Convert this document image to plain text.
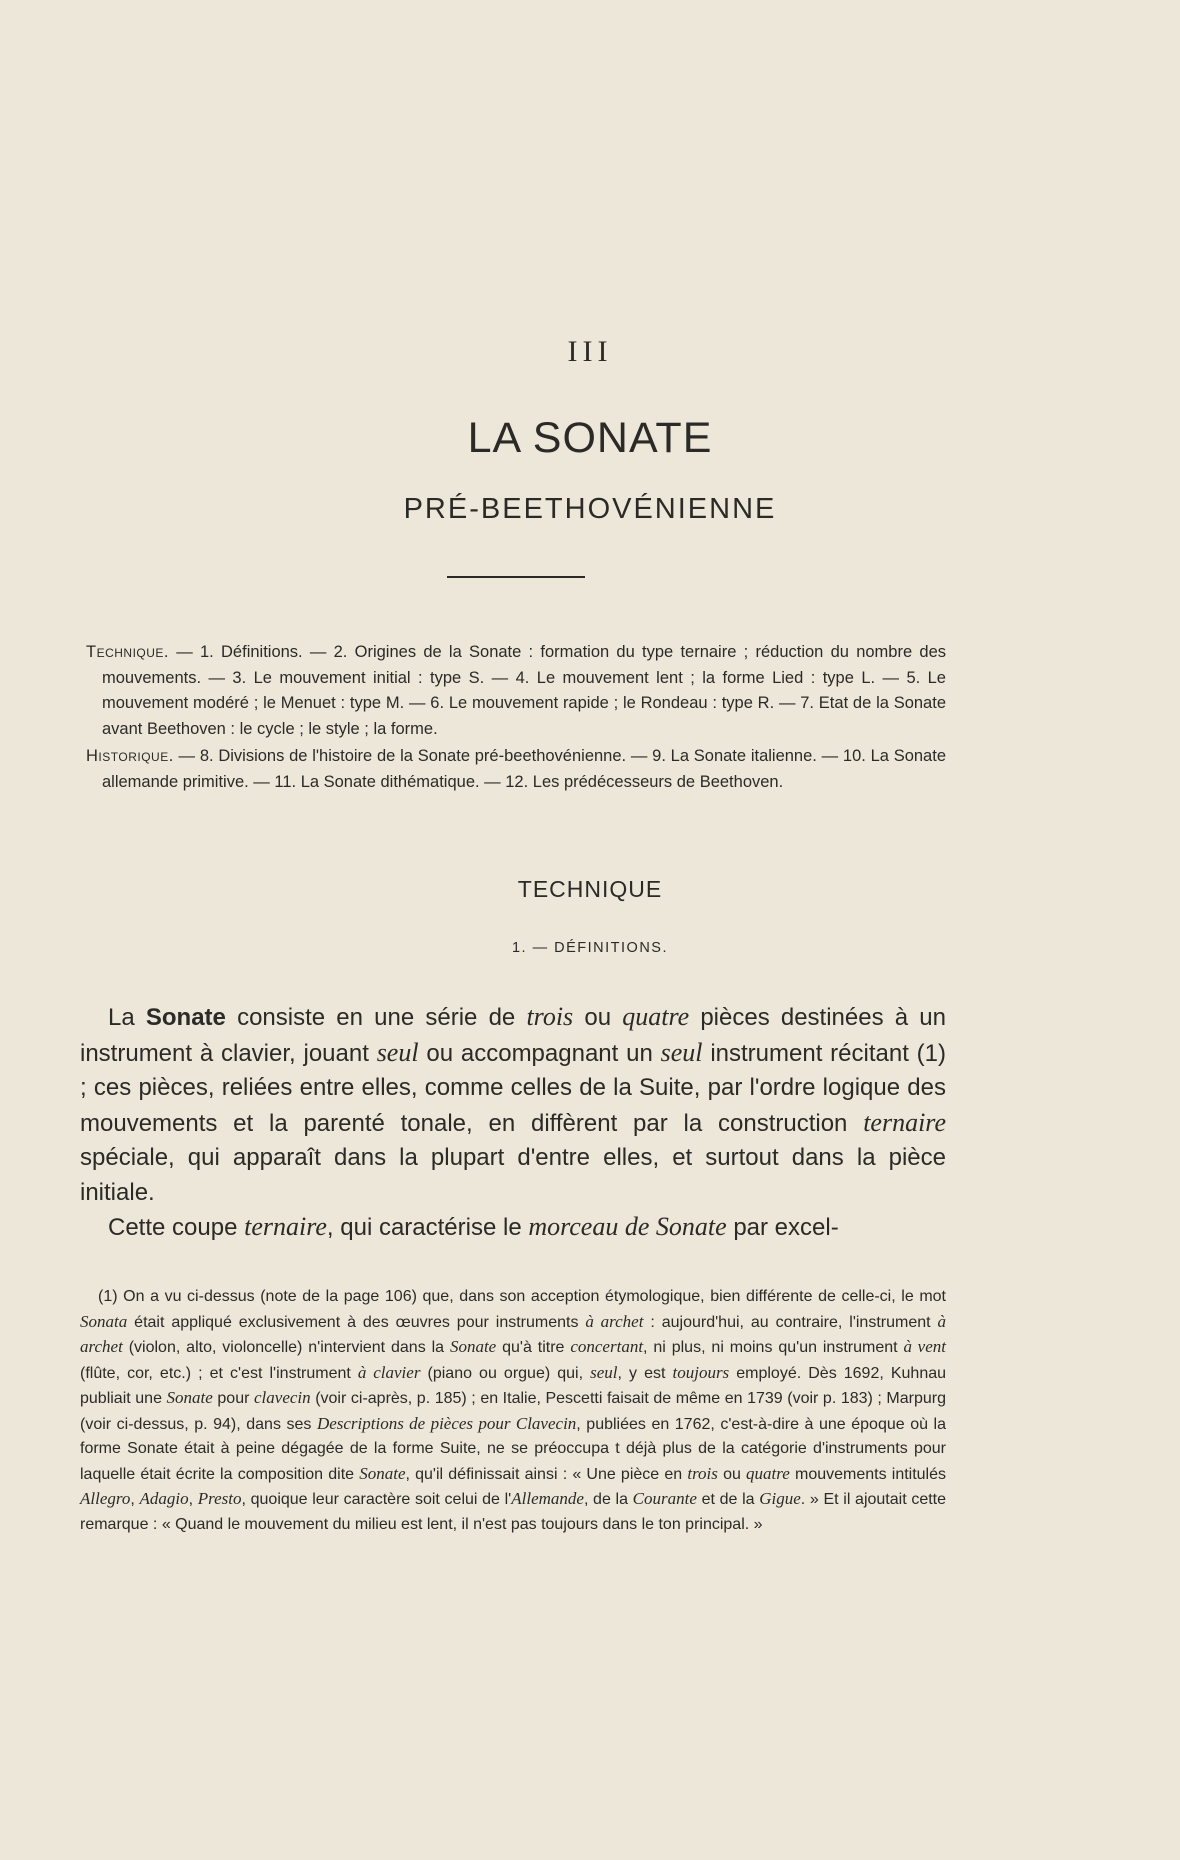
III
LA SONATE
PRÉ-BEETHOVÉNIENNE

Technique. — 1. Définitions. — 2. Origines de la Sonate : formation du type ternaire ; réduction du nombre des mouvements. — 3. Le mouvement initial : type S. — 4. Le mouvement lent ; la forme Lied : type L. — 5. Le mouvement modéré ; le Menuet : type M. — 6. Le mouvement rapide ; le Rondeau : type R. — 7. Etat de la Sonate avant Beethoven : le cycle ; le style ; la forme.

Historique. — 8. Divisions de l'histoire de la Sonate pré-beethovénienne. — 9. La Sonate italienne. — 10. La Sonate allemande primitive. — 11. La Sonate dithématique. — 12. Les prédécesseurs de Beethoven.

TECHNIQUE
1. — DÉFINITIONS.

La Sonate consiste en une série de trois ou quatre pièces destinées à un instrument à clavier, jouant seul ou accompagnant un seul instrument récitant (1) ; ces pièces, reliées entre elles, comme celles de la Suite, par l'ordre logique des mouvements et la parenté tonale, en diffèrent par la construction ternaire spéciale, qui apparaît dans la plupart d'entre elles, et surtout dans la pièce initiale.

Cette coupe ternaire, qui caractérise le morceau de Sonate par excel-

(1) On a vu ci-dessus (note de la page 106) que, dans son acception étymologique, bien différente de celle-ci, le mot Sonata était appliqué exclusivement à des œuvres pour instruments à archet : aujourd'hui, au contraire, l'instrument à archet (violon, alto, violoncelle) n'intervient dans la Sonate qu'à titre concertant, ni plus, ni moins qu'un instrument à vent (flûte, cor, etc.) ; et c'est l'instrument à clavier (piano ou orgue) qui, seul, y est toujours employé. Dès 1692, Kuhnau publiait une Sonate pour clavecin (voir ci-après, p. 185) ; en Italie, Pescetti faisait de même en 1739 (voir p. 183) ; Marpurg (voir ci-dessus, p. 94), dans ses Descriptions de pièces pour Clavecin, publiées en 1762, c'est-à-dire à une époque où la forme Sonate était à peine dégagée de la forme Suite, ne se préoccupa t déjà plus de la catégorie d'instruments pour laquelle était écrite la composition dite Sonate, qu'il définissait ainsi : « Une pièce en trois ou quatre mouvements intitulés Allegro, Adagio, Presto, quoique leur caractère soit celui de l'Allemande, de la Courante et de la Gigue. » Et il ajoutait cette remarque : « Quand le mouvement du milieu est lent, il n'est pas toujours dans le ton principal. »
